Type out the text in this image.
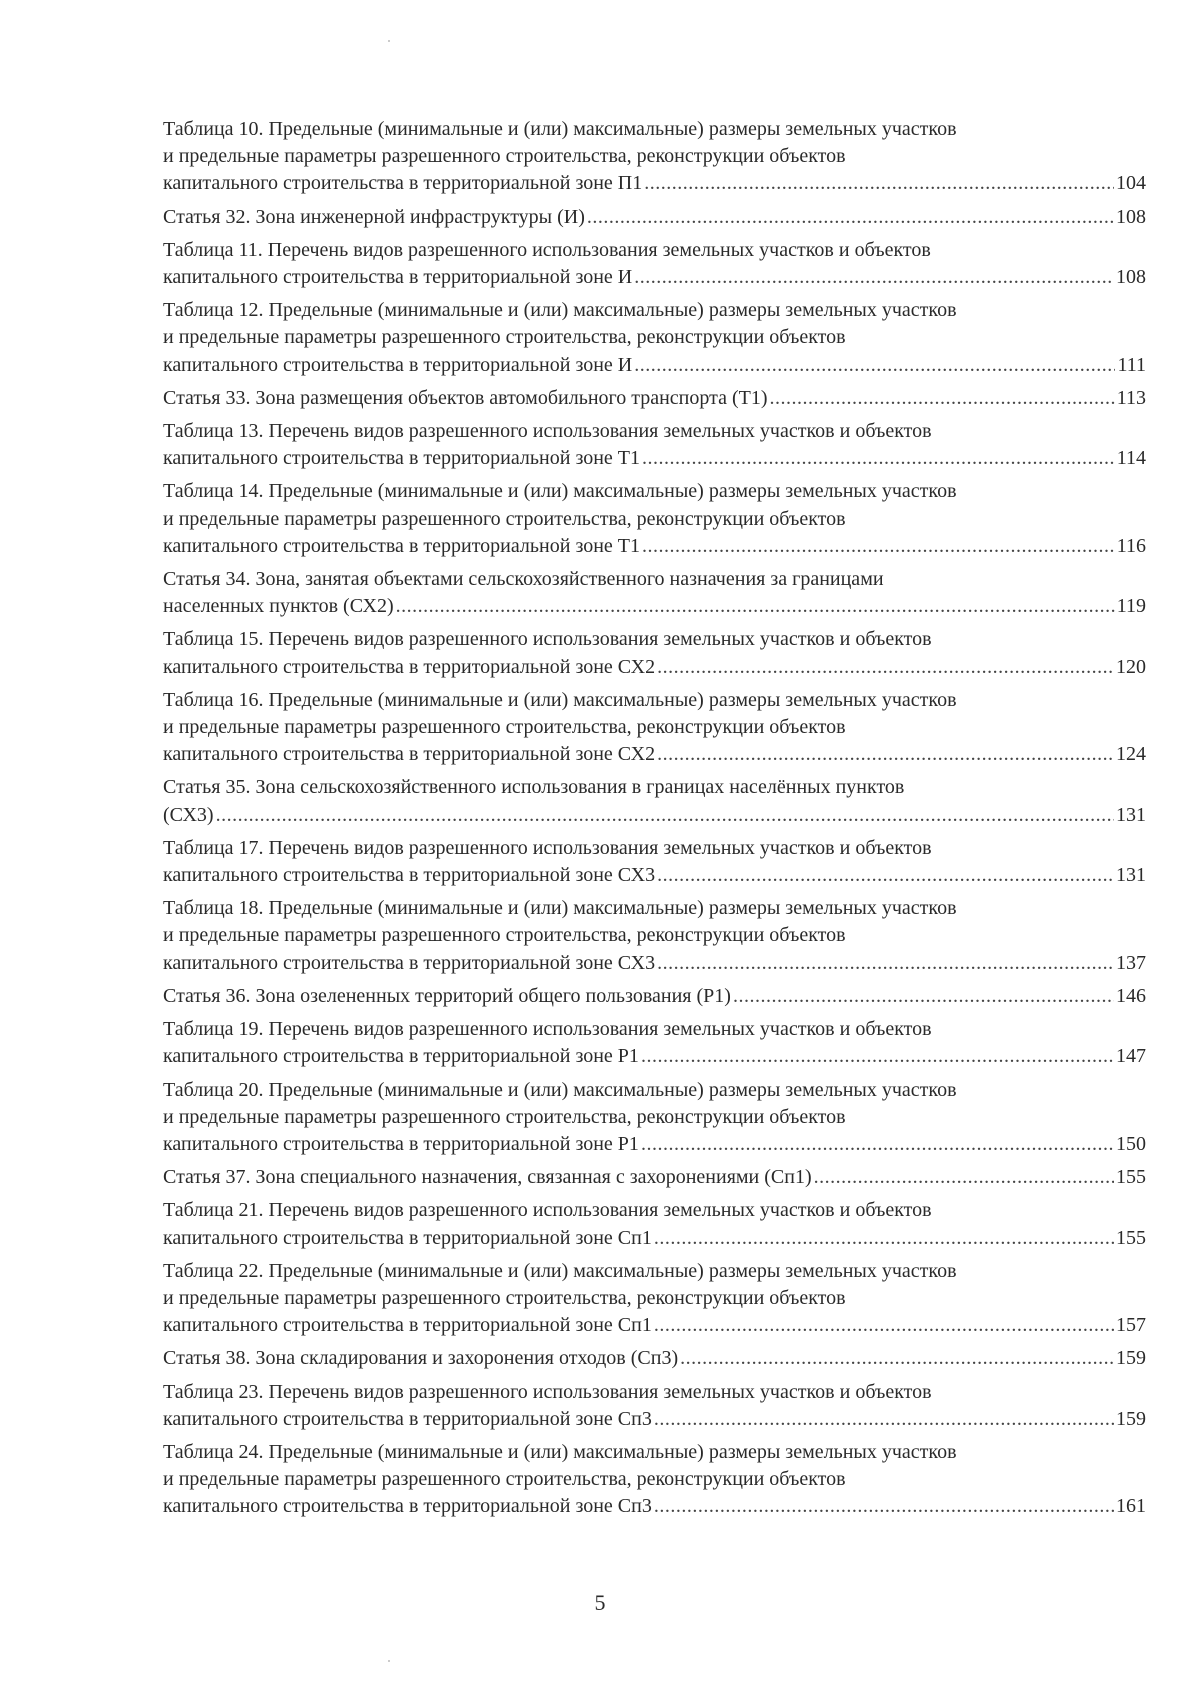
Таблица 10. Предельные (минимальные и (или) максимальные) размеры земельных участков
и предельные параметры разрешенного строительства, реконструкции объектов
капитального строительства в территориальной зоне П1 .....	104
Статья 32. Зона инженерной инфраструктуры (И) .....	108
Таблица 11. Перечень видов разрешенного использования земельных участков и объектов
капитального строительства в территориальной зоне И .....	108
Таблица 12. Предельные (минимальные и (или) максимальные) размеры земельных участков
и предельные параметры разрешенного строительства, реконструкции объектов
капитального строительства в территориальной зоне И .....	111
Статья 33. Зона размещения объектов автомобильного транспорта (Т1) .....	113
Таблица 13. Перечень видов разрешенного использования земельных участков и объектов
капитального строительства в территориальной зоне Т1 .....	114
Таблица 14. Предельные (минимальные и (или) максимальные) размеры земельных участков
и предельные параметры разрешенного строительства, реконструкции объектов
капитального строительства в территориальной зоне Т1 .....	116
Статья 34. Зона, занятая объектами сельскохозяйственного назначения за границами
населенных пунктов (СХ2) .....	119
Таблица 15. Перечень видов разрешенного использования земельных участков и объектов
капитального строительства в территориальной зоне СХ2 .....	120
Таблица 16. Предельные (минимальные и (или) максимальные) размеры земельных участков
и предельные параметры разрешенного строительства, реконструкции объектов
капитального строительства в территориальной зоне СХ2 .....	124
Статья 35. Зона сельскохозяйственного использования в границах населённых пунктов
(СХ3) .....	131
Таблица 17. Перечень видов разрешенного использования земельных участков и объектов
капитального строительства в территориальной зоне СХ3 .....	131
Таблица 18. Предельные (минимальные и (или) максимальные) размеры земельных участков
и предельные параметры разрешенного строительства, реконструкции объектов
капитального строительства в территориальной зоне СХ3 .....	137
Статья 36. Зона озелененных территорий общего пользования (Р1) .....	146
Таблица 19. Перечень видов разрешенного использования земельных участков и объектов
капитального строительства в территориальной зоне Р1 .....	147
Таблица 20. Предельные (минимальные и (или) максимальные) размеры земельных участков
и предельные параметры разрешенного строительства, реконструкции объектов
капитального строительства в территориальной зоне Р1 .....	150
Статья 37. Зона специального назначения, связанная с захоронениями (Сп1) .....	155
Таблица 21. Перечень видов разрешенного использования земельных участков и объектов
капитального строительства в территориальной зоне Сп1 .....	155
Таблица 22. Предельные (минимальные и (или) максимальные) размеры земельных участков
и предельные параметры разрешенного строительства, реконструкции объектов
капитального строительства в территориальной зоне Сп1 .....	157
Статья 38. Зона складирования и захоронения отходов (Сп3) .....	159
Таблица 23. Перечень видов разрешенного использования земельных участков и объектов
капитального строительства в территориальной зоне Сп3 .....	159
Таблица 24. Предельные (минимальные и (или) максимальные) размеры земельных участков
и предельные параметры разрешенного строительства, реконструкции объектов
капитального строительства в территориальной зоне Сп3 .....	161
5
